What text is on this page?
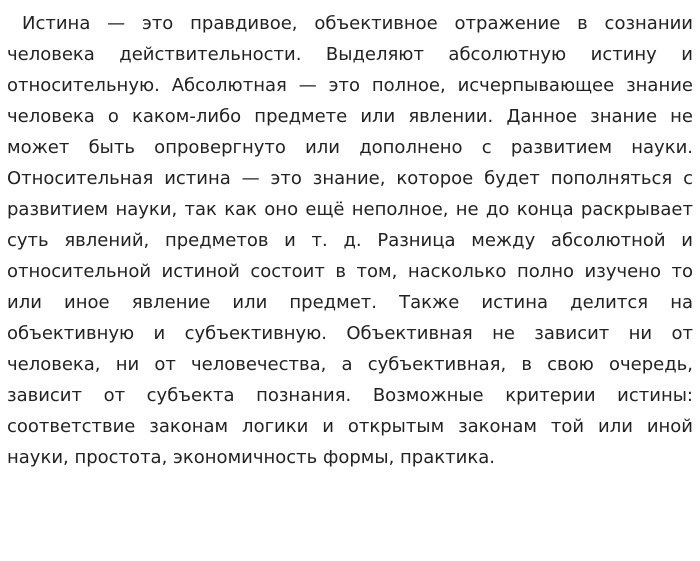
Истина — это правдивое, объективное отражение в сознании человека действительности. Выделяют абсолютную истину и относительную. Абсолютная — это полное, исчерпывающее знание человека о каком-либо предмете или явлении. Данное знание не может быть опровергнуто или дополнено с развитием науки. Относительная истина — это знание, которое будет пополняться с развитием науки, так как оно ещё неполное, не до конца раскрывает суть явлений, предметов и т. д. Разница между абсолютной и относительной истиной состоит в том, насколько полно изучено то или иное явление или предмет. Также истина делится на объективную и субъективную. Объективная не зависит ни от человека, ни от человечества, а субъективная, в свою очередь, зависит от субъекта познания. Возможные критерии истины: соответствие законам логики и открытым законам той или иной науки, простота, экономичность формы, практика.
